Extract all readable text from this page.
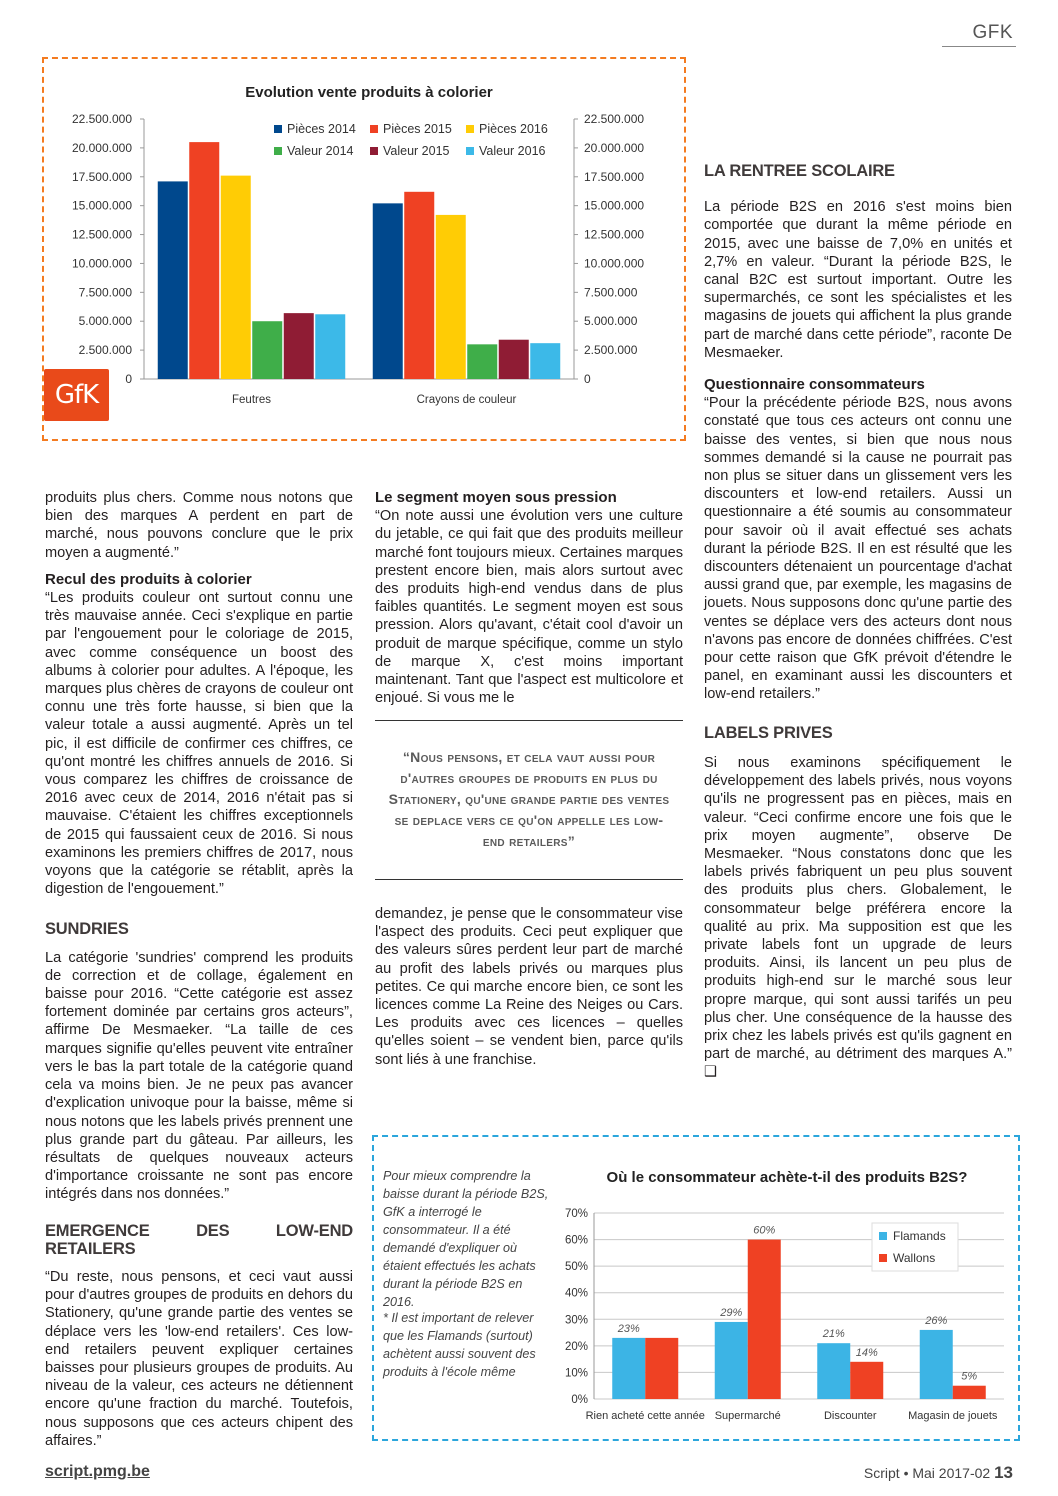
GFK
Evolution vente produits à colorier
0	0
2.500.000	2.500.000
5.000.000	5.000.000
7.500.000	7.500.000
10.000.000	10.000.000
12.500.000	12.500.000
15.000.000	15.000.000
17.500.000	17.500.000
20.000.000	20.000.000
22.500.000	22.500.000
Feutres	Crayons de couleur
Pièces 2014 Pièces 2015 Pièces 2016
Valeur 2014 Valeur 2015 Valeur 2016
GfK

produits plus chers. Comme nous notons que bien des marques A perdent en part de marché, nous pouvons conclure que le prix moyen a augmenté.”

Recul des produits à colorier

“Les produits couleur ont surtout connu une très mauvaise année. Ceci s'explique en partie par l'engouement pour le coloriage de 2015, avec comme conséquence un boost des albums à colorier pour adultes. A l'époque, les marques plus chères de crayons de couleur ont connu une très forte hausse, si bien que la valeur totale a aussi augmenté. Après un tel pic, il est difficile de confirmer ces chiffres, ce qu'ont montré les chiffres annuels de 2016. Si vous comparez les chiffres de croissance de 2016 avec ceux de 2014, 2016 n'était pas si mauvaise. C'étaient les chiffres exceptionnels de 2015 qui faussaient ceux de 2016. Si nous examinons les premiers chiffres de 2017, nous voyons que la catégorie se rétablit, après la digestion de l'engouement.”

SUNDRIES

La catégorie 'sundries' comprend les produits de correction et de collage, également en baisse pour 2016. “Cette catégorie est assez fortement dominée par certains gros acteurs”, affirme De Mesmaeker. “La taille de ces marques signifie qu'elles peuvent vite entraîner vers le bas la part totale de la catégorie quand cela va moins bien. Je ne peux pas avancer d'explication univoque pour la baisse, même si nous notons que les labels privés prennent une plus grande part du gâteau. Par ailleurs, les résultats de quelques nouveaux acteurs d'importance croissante ne sont pas encore intégrés dans nos données.”

EMERGENCE DES LOW-END RETAILERS

“Du reste, nous pensons, et ceci vaut aussi pour d'autres groupes de produits en dehors du Stationery, qu'une grande partie des ventes se déplace vers les 'low-end retailers'. Ces low-end retailers peuvent expliquer certaines baisses pour plusieurs groupes de produits. Au niveau de la valeur, ces acteurs ne détiennent encore qu'une fraction du marché. Toutefois, nous supposons que ces acteurs chipent des affaires.”

Le segment moyen sous pression

“On note aussi une évolution vers une culture du jetable, ce qui fait que des produits meilleur marché font toujours mieux. Certaines marques prestent encore bien, mais alors surtout avec des produits high-end vendus dans de plus faibles quantités. Le segment moyen est sous pression. Alors qu'avant, c'était cool d'avoir un produit de marque spécifique, comme un stylo de marque X, c'est moins important maintenant. Tant que l'aspect est multicolore et enjoué. Si vous me le

“Nous pensons, et cela vaut aussi pour d'autres groupes de produits en plus du Stationery, qu'une grande partie des ventes se deplace vers ce qu'on appelle les low-end retailers”

demandez, je pense que le consommateur vise l'aspect des produits. Ceci peut expliquer que des valeurs sûres perdent leur part de marché au profit des labels privés ou marques plus petites. Ce qui marche encore bien, ce sont les licences comme La Reine des Neiges ou Cars. Les produits avec ces licences – quelles qu'elles soient – se vendent bien, parce qu'ils sont liés à une franchise.

LA RENTREE SCOLAIRE

La période B2S en 2016 s'est moins bien comportée que durant la même période en 2015, avec une baisse de 7,0% en unités et 2,7% en valeur. “Durant la période B2S, le canal B2C est surtout important. Outre les supermarchés, ce sont les spécialistes et les magasins de jouets qui affichent la plus grande part de marché dans cette période”, raconte De Mesmaeker.

Questionnaire consommateurs

“Pour la précédente période B2S, nous avons constaté que tous ces acteurs ont connu une baisse des ventes, si bien que nous nous sommes demandé si la cause ne pourrait pas non plus se situer dans un glissement vers les discounters et low-end retailers. Aussi un questionnaire a été soumis au consommateur pour savoir où il avait effectué ses achats durant la période B2S. Il en est résulté que les discounters détenaient un pourcentage d'achat aussi grand que, par exemple, les magasins de jouets. Nous supposons donc qu'une partie des ventes se déplace vers des acteurs dont nous n'avons pas encore de données chiffrées. C'est pour cette raison que GfK prévoit d'étendre le panel, en examinant aussi les discounters et low-end retailers.”

LABELS PRIVES

Si nous examinons spécifiquement le développement des labels privés, nous voyons qu'ils ne progressent pas en pièces, mais en valeur. “Ceci confirme encore une fois que le prix moyen augmente”, observe De Mesmaeker. “Nous constatons donc que les labels privés fabriquent un peu plus souvent des produits plus chers. Globalement, le consommateur belge préférera encore la qualité au prix. Ma supposition est que les private labels font un upgrade de leurs produits. Ainsi, ils lancent un peu plus de produits high-end sur le marché sous leur propre marque, qui sont aussi tarifés un peu plus cher. Une conséquence de la hausse des prix chez les labels privés est qu'ils gagnent en part de marché, au détriment des marques A.” ❑

Pour mieux comprendre la baisse durant la période B2S, GfK a interrogé le consommateur. Il a été demandé d'expliquer où étaient effectués les achats durant la période B2S en 2016.
* Il est important de relever que les Flamands (surtout) achètent aussi souvent des produits à l'école même
Où le consommateur achète-t-il des produits B2S?
0%
10%
20%
30%
40%
50%
60%
70%
23%
Rien acheté cette année
29%
60%
Supermarché
21%
14%
Discounter
26%
5%
Magasin de jouets
Flamands
Wallons
script.pmg.be	Script • Mai 2017-02 13
